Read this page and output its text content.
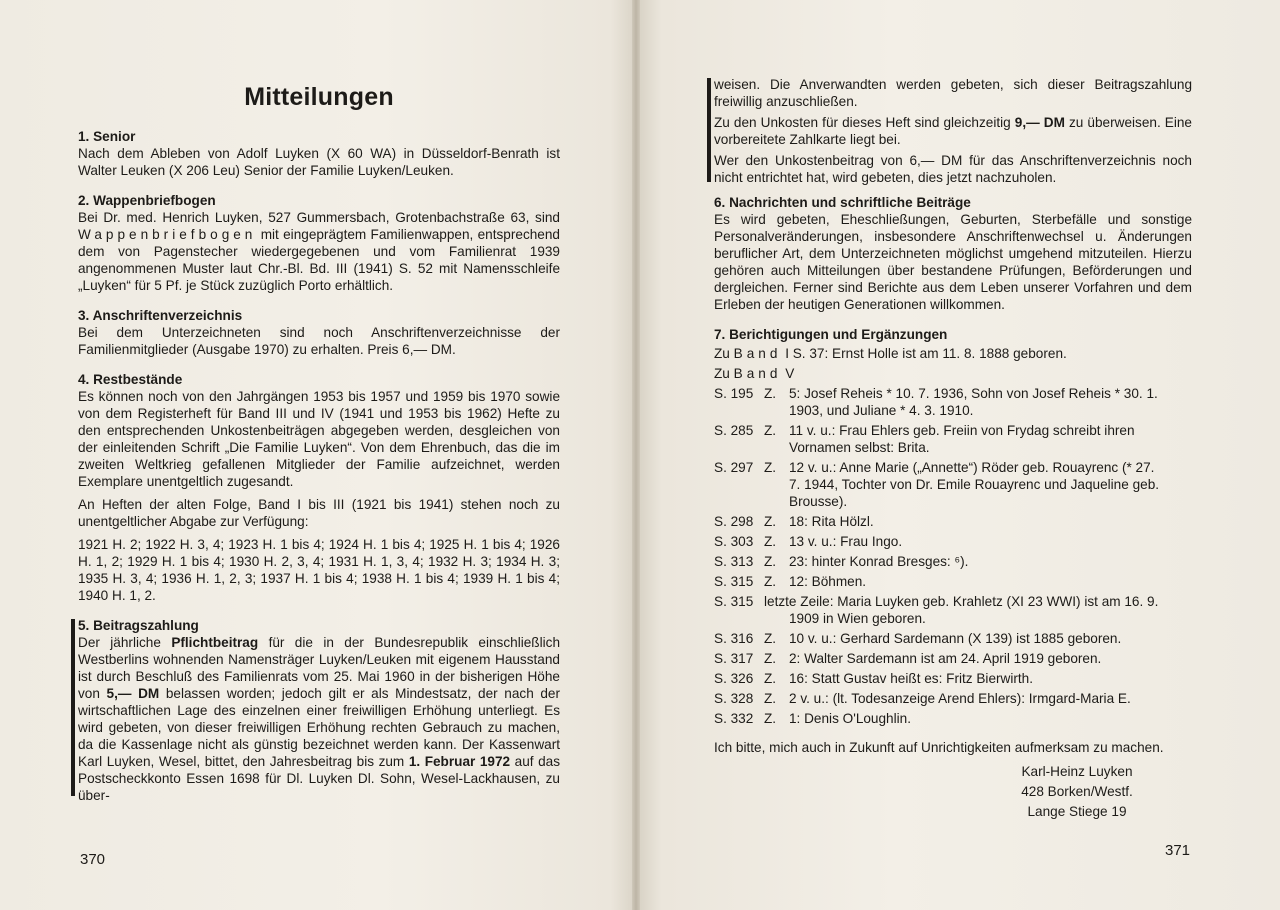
Mitteilungen
1. Senior

Nach dem Ableben von Adolf Luyken (X 60 WA) in Düsseldorf-Benrath ist Walter Leuken (X 206 Leu) Senior der Familie Luyken/Leuken.

2. Wappenbriefbogen

Bei Dr. med. Henrich Luyken, 527 Gummersbach, Grotenbachstraße 63, sind Wappenbriefbogen mit eingeprägtem Familienwappen, entsprechend dem von Pagenstecher wiedergegebenen und vom Familienrat 1939 angenommenen Muster laut Chr.-Bl. Bd. III (1941) S. 52 mit Namensschleife „Luyken“ für 5 Pf. je Stück zuzüglich Porto erhältlich.

3. Anschriftenverzeichnis

Bei dem Unterzeichneten sind noch Anschriftenverzeichnisse der Familienmitglieder (Ausgabe 1970) zu erhalten. Preis 6,— DM.

4. Restbestände

Es können noch von den Jahrgängen 1953 bis 1957 und 1959 bis 1970 sowie von dem Registerheft für Band III und IV (1941 und 1953 bis 1962) Hefte zu den entsprechenden Unkostenbeiträgen abgegeben werden, desgleichen von der einleitenden Schrift „Die Familie Luyken“. Von dem Ehrenbuch, das die im zweiten Weltkrieg gefallenen Mitglieder der Familie aufzeichnet, werden Exemplare unentgeltlich zugesandt.

An Heften der alten Folge, Band I bis III (1921 bis 1941) stehen noch zu unentgeltlicher Abgabe zur Verfügung:

1921 H. 2; 1922 H. 3, 4; 1923 H. 1 bis 4; 1924 H. 1 bis 4; 1925 H. 1 bis 4; 1926 H. 1, 2; 1929 H. 1 bis 4; 1930 H. 2, 3, 4; 1931 H. 1, 3, 4; 1932 H. 3; 1934 H. 3; 1935 H. 3, 4; 1936 H. 1, 2, 3; 1937 H. 1 bis 4; 1938 H. 1 bis 4; 1939 H. 1 bis 4; 1940 H. 1, 2.

5. Beitragszahlung

Der jährliche Pflichtbeitrag für die in der Bundesrepublik einschließlich Westberlins wohnenden Namensträger Luyken/Leuken mit eigenem Hausstand ist durch Beschluß des Familienrats vom 25. Mai 1960 in der bisherigen Höhe von 5,— DM belassen worden; jedoch gilt er als Mindestsatz, der nach der wirtschaftlichen Lage des einzelnen einer freiwilligen Erhöhung unterliegt. Es wird gebeten, von dieser freiwilligen Erhöhung rechten Gebrauch zu machen, da die Kassenlage nicht als günstig bezeichnet werden kann. Der Kassenwart Karl Luyken, Wesel, bittet, den Jahresbeitrag bis zum 1. Februar 1972 auf das Postscheckkonto Essen 1698 für Dl. Luyken Dl. Sohn, Wesel-Lackhausen, zu über-

370

weisen. Die Anverwandten werden gebeten, sich dieser Beitragszahlung freiwillig anzuschließen.

Zu den Unkosten für dieses Heft sind gleichzeitig 9,— DM zu überweisen. Eine vorbereitete Zahlkarte liegt bei.

Wer den Unkostenbeitrag von 6,— DM für das Anschriftenverzeichnis noch nicht entrichtet hat, wird gebeten, dies jetzt nachzuholen.

6. Nachrichten und schriftliche Beiträge

Es wird gebeten, Eheschließungen, Geburten, Sterbefälle und sonstige Personalveränderungen, insbesondere Anschriftenwechsel u. Änderungen beruflicher Art, dem Unterzeichneten möglichst umgehend mitzuteilen. Hierzu gehören auch Mitteilungen über bestandene Prüfungen, Beförderungen und dergleichen. Ferner sind Berichte aus dem Leben unserer Vorfahren und dem Erleben der heutigen Generationen willkommen.

7. Berichtigungen und Ergänzungen
Zu
Band
I S. 37: Ernst Holle ist am 11. 8. 1888 geboren.
Zu
Band
V
S. 195 Z. 5: Josef Reheis * 10. 7. 1936, Sohn von Josef Reheis * 30. 1.
1903, und Juliane * 4. 3. 1910.
S. 285 Z. 11 v. u.: Frau Ehlers geb. Freiin von Frydag schreibt ihren
Vornamen selbst: Brita.
S. 297 Z. 12 v. u.: Anne Marie („Annette“) Röder geb. Rouayrenc (* 27.
7. 1944, Tochter von Dr. Emile Rouayrenc und Jaqueline geb.
Brousse).
S. 298 Z. 18: Rita Hölzl.
S. 303 Z. 13 v. u.: Frau Ingo.
S. 313 Z. 23: hinter Konrad Bresges: ⁶).
S. 315 Z. 12: Böhmen.
S. 315 letzte Zeile: Maria Luyken geb. Krahletz (XI 23 WWI) ist am 16. 9.
1909 in Wien geboren.
S. 316 Z. 10 v. u.: Gerhard Sardemann (X 139) ist 1885 geboren.
S. 317 Z. 2: Walter Sardemann ist am 24. April 1919 geboren.
S. 326 Z. 16: Statt Gustav heißt es: Fritz Bierwirth.
S. 328 Z. 2 v. u.: (lt. Todesanzeige Arend Ehlers): Irmgard-Maria E.
S. 332 Z. 1: Denis O'Loughlin.

Ich bitte, mich auch in Zukunft auf Unrichtigkeiten aufmerksam zu machen.

Karl-Heinz Luyken
428 Borken/Westf.
Lange Stiege 19
371
